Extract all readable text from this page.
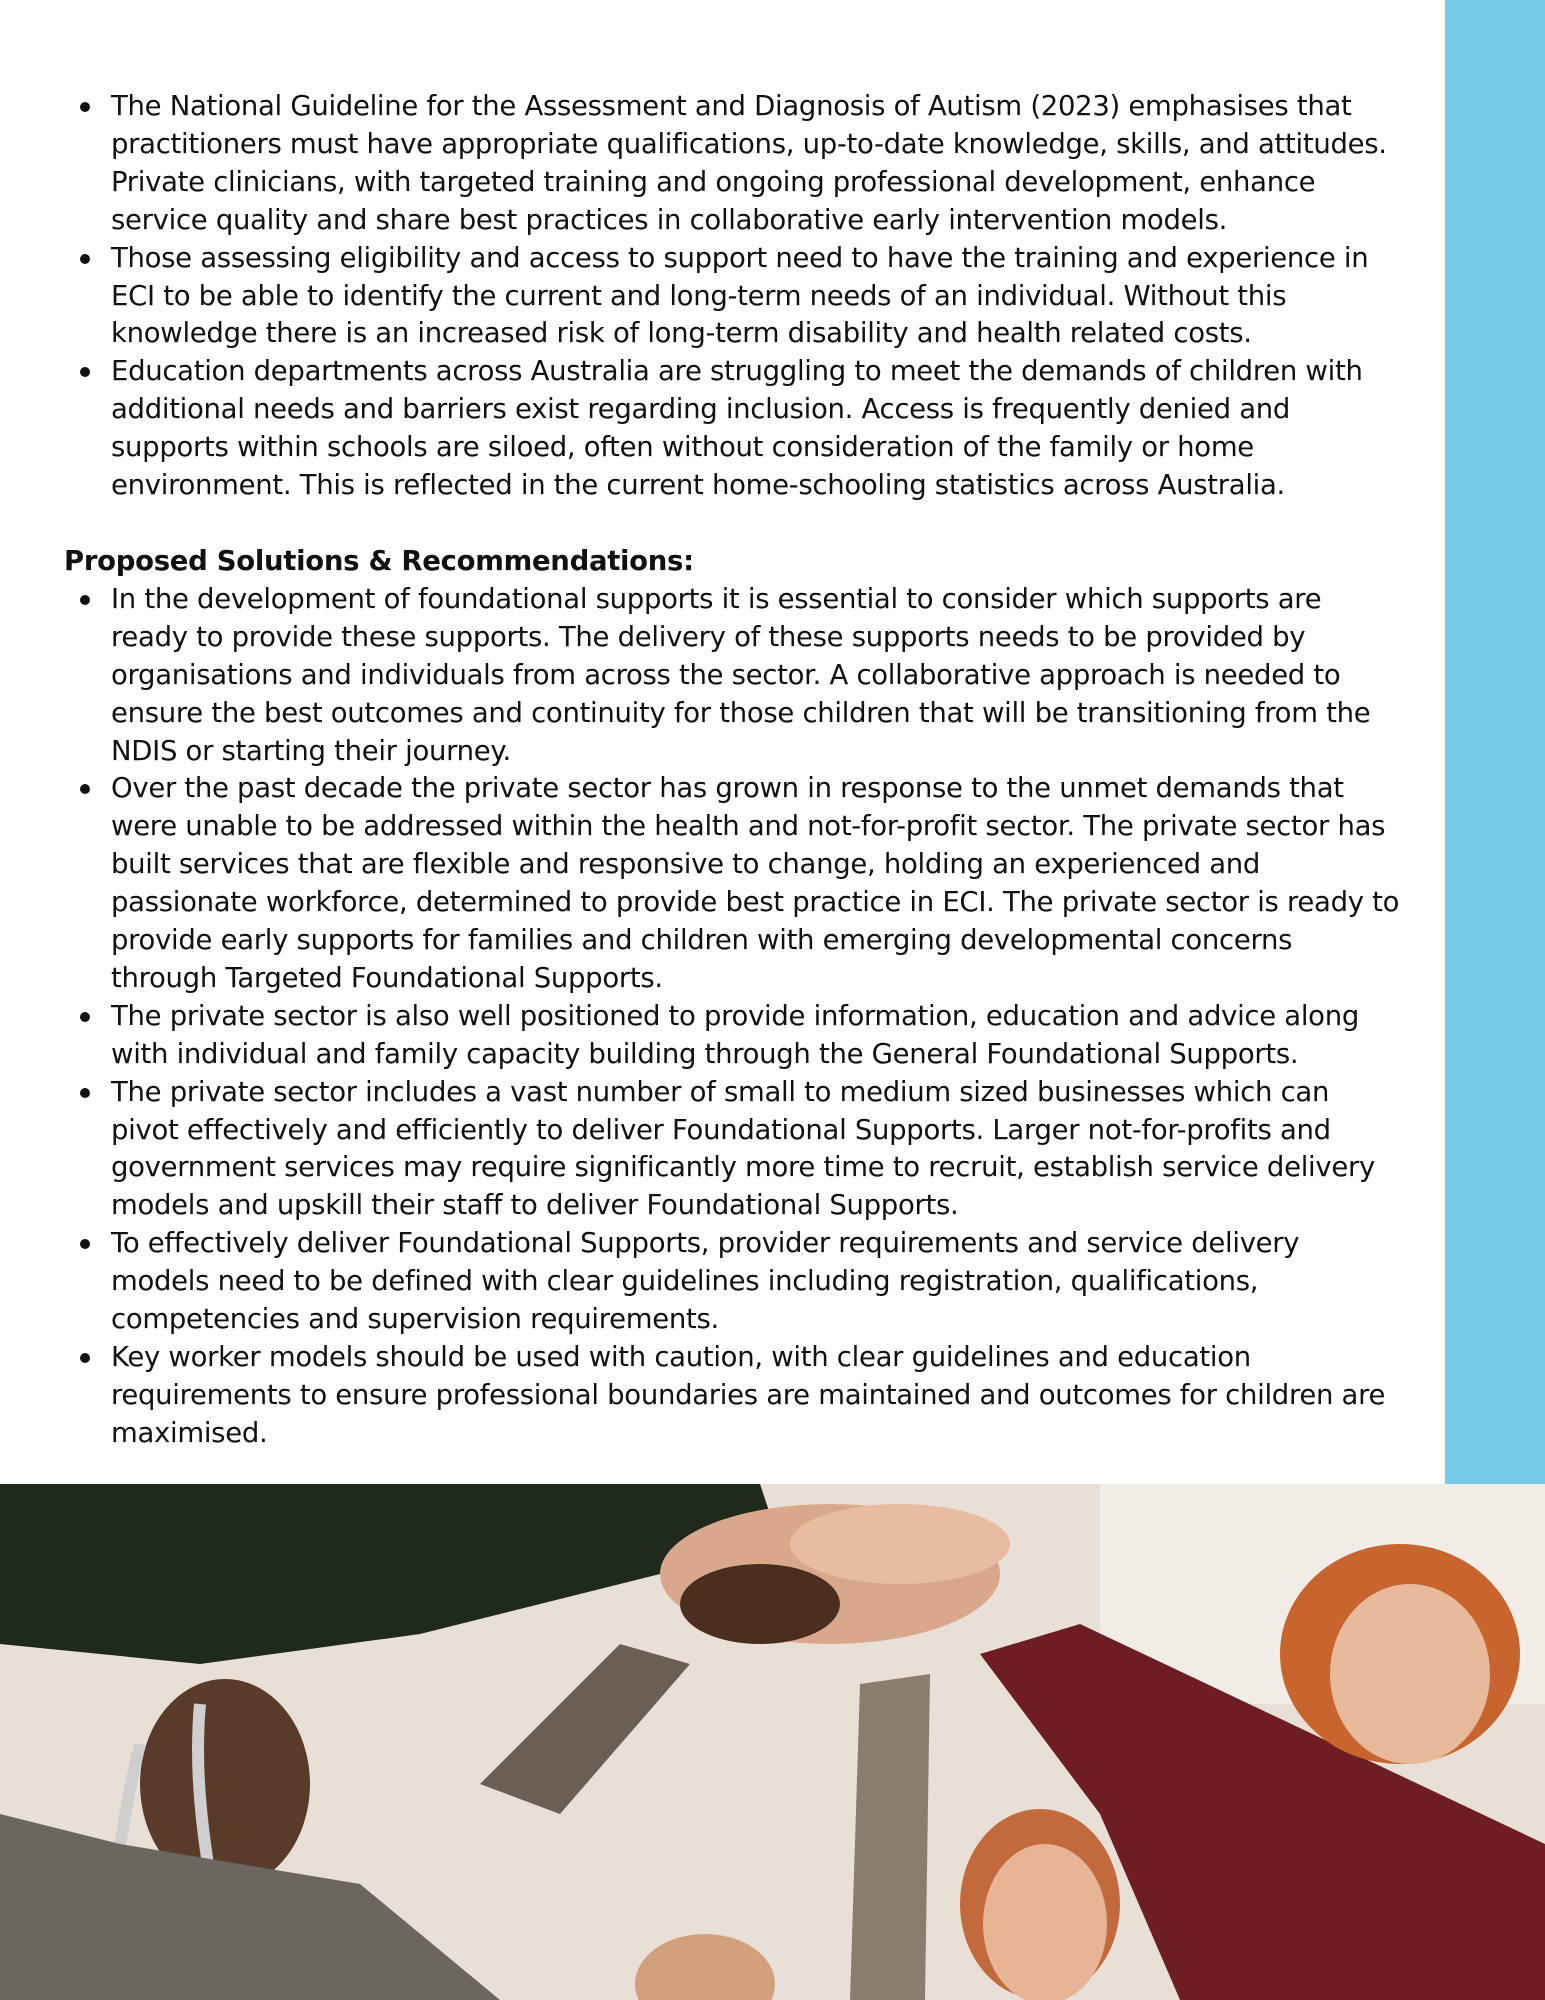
The National Guideline for the Assessment and Diagnosis of Autism (2023) emphasises that practitioners must have appropriate qualifications, up-to-date knowledge, skills, and attitudes. Private clinicians, with targeted training and ongoing professional development, enhance service quality and share best practices in collaborative early intervention models.
Those assessing eligibility and access to support need to have the training and experience in ECI to be able to identify the current and long-term needs of an individual. Without this knowledge there is an increased risk of long-term disability and health related costs.
Education departments across Australia are struggling to meet the demands of children with additional needs and barriers exist regarding inclusion. Access is frequently denied and supports within schools are siloed, often without consideration of the family or home environment. This is reflected in the current home-schooling statistics across Australia.
Proposed Solutions & Recommendations:
In the development of foundational supports it is essential to consider which supports are ready to provide these supports. The delivery of these supports needs to be provided by organisations and individuals from across the sector. A collaborative approach is needed to ensure the best outcomes and continuity for those children that will be transitioning from the NDIS or starting their journey.
Over the past decade the private sector has grown in response to the unmet demands that were unable to be addressed within the health and not-for-profit sector. The private sector has built services that are flexible and responsive to change, holding an experienced and passionate workforce, determined to provide best practice in ECI. The private sector is ready to provide early supports for families and children with emerging developmental concerns through Targeted Foundational Supports.
The private sector is also well positioned to provide information, education and advice along with individual and family capacity building through the General Foundational Supports.
The private sector includes a vast number of small to medium sized businesses which can pivot effectively and efficiently to deliver Foundational Supports. Larger not-for-profits and government services may require significantly more time to recruit, establish service delivery models and upskill their staff to deliver Foundational Supports.
To effectively deliver Foundational Supports, provider requirements and service delivery models need to be defined with clear guidelines including registration, qualifications, competencies and supervision requirements.
Key worker models should be used with caution, with clear guidelines and education requirements to ensure professional boundaries are maintained and outcomes for children are maximised.
